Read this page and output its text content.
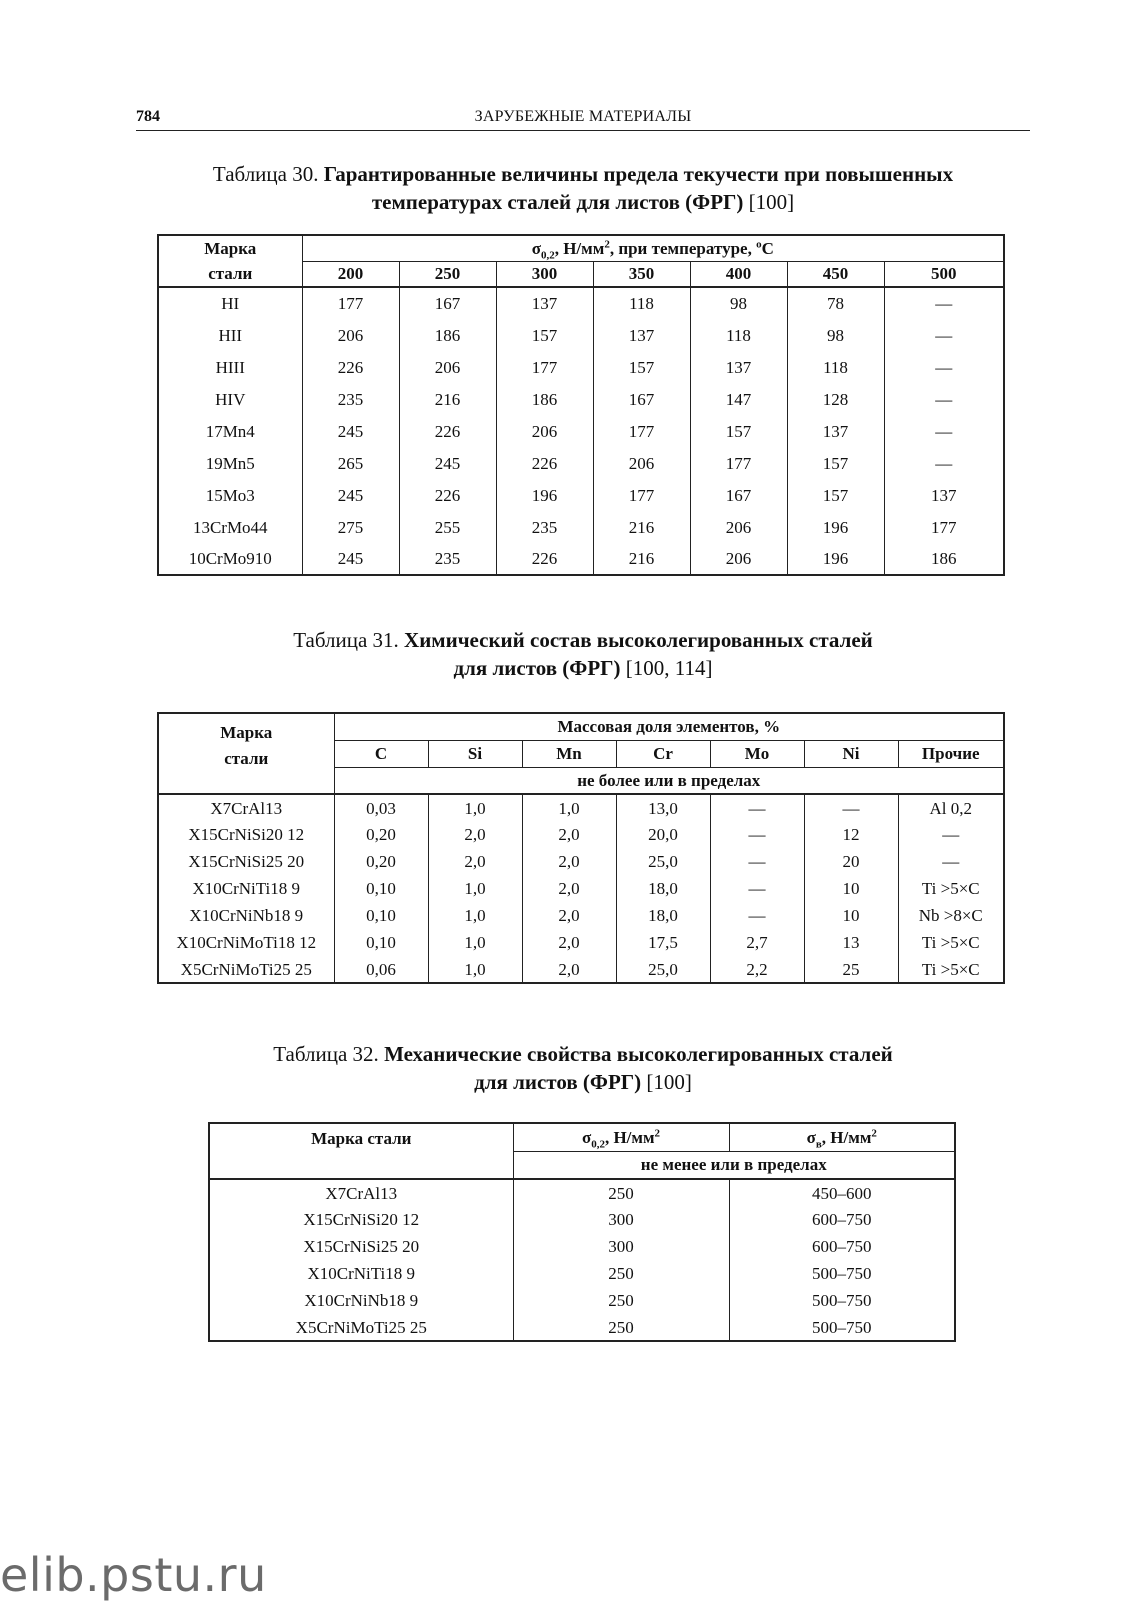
784	ЗАРУБЕЖНЫЕ МАТЕРИАЛЫ
Таблица 30. Гарантированные величины предела текучести при повышенных
температурах сталей для листов (ФРГ) [100]
Марка	$\sigma_{0,2}$, $Н/мм^2$, при температуре, $^o$С						
стали	200	250	300	350	400	450	500
HI	177	167	137	118	98	78	—
HII	206	186	157	137	118	98	—
HIII	226	206	177	157	137	118	—
HIV	235	216	186	167	147	128	—
17Mn4	245	226	206	177	157	137	—
19Mn5	265	245	226	206	177	157	—
15Mo3	245	226	196	177	167	157	137
13CrMo44	275	255	235	216	206	196	177
10CrMo910	245	235	226	216	206	196	186
Таблица 31. Химический состав высоколегированных сталей
для листов (ФРГ) [100, 114]
Марка
стали	Массовая доля элементов, %						
	C	Si	Mn	Cr	Mo	Ni	Прочие
	не более или в пределах						
X7CrAl13	0,03	1,0	1,0	13,0	—	—	Al 0,2
X15CrNiSi20 12	0,20	2,0	2,0	20,0	—	12	—
X15CrNiSi25 20	0,20	2,0	2,0	25,0	—	20	—
X10CrNiTi18 9	0,10	1,0	2,0	18,0	—	10	Ti >5×C
X10CrNiNb18 9	0,10	1,0	2,0	18,0	—	10	Nb >8×C
X10CrNiMoTi18 12	0,10	1,0	2,0	17,5	2,7	13	Ti >5×C
X5CrNiMoTi25 25	0,06	1,0	2,0	25,0	2,2	25	Ti >5×C
Таблица 32. Механические свойства высоколегированных сталей
для листов (ФРГ) [100]
Марка стали	$\sigma_{0,2}$, $Н/мм^2$	$\sigma_в$, $Н/мм^2$
	не менее или в пределах	
X7CrAl13	250	450–600
X15CrNiSi20 12	300	600–750
X15CrNiSi25 20	300	600–750
X10CrNiTi18 9	250	500–750
X10CrNiNb18 9	250	500–750
X5CrNiMoTi25 25	250	500–750
elib.pstu.ru
